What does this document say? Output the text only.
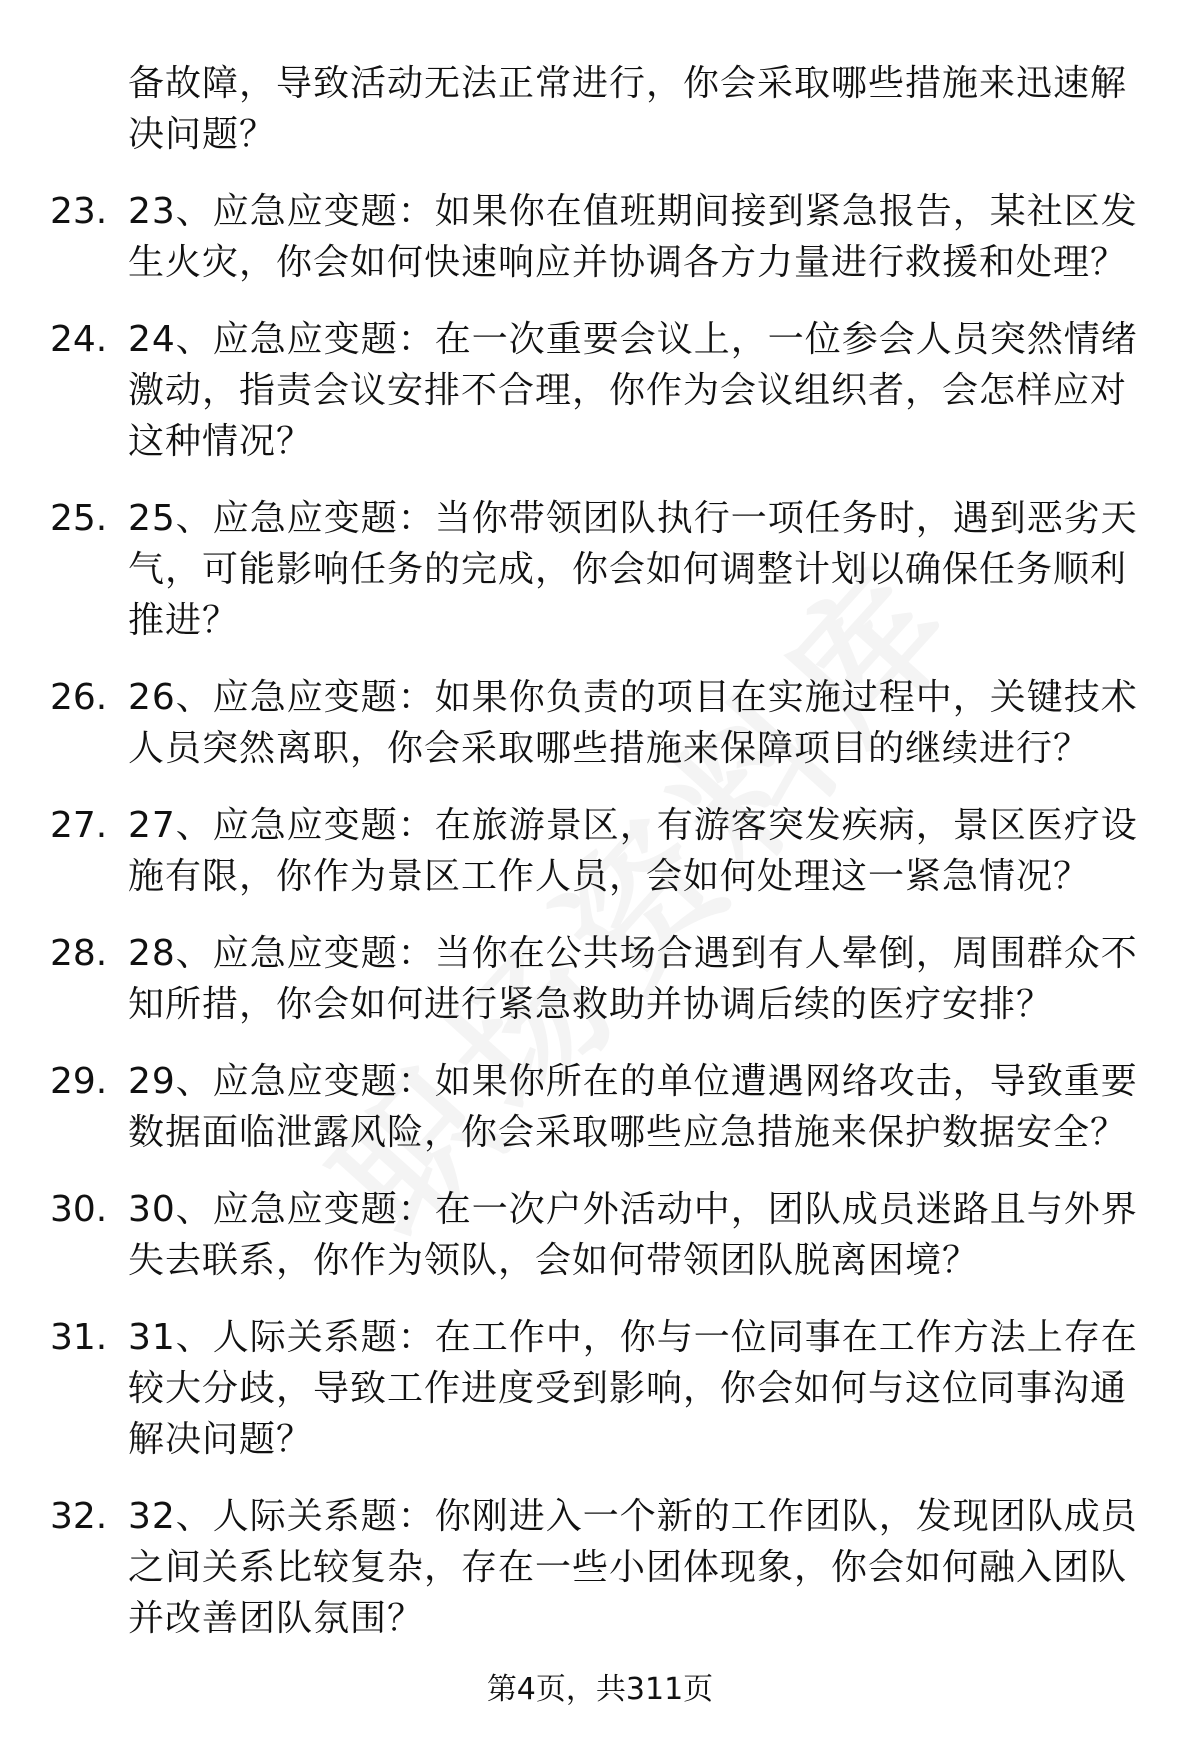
备故障，导致活动无法正常进行，你会采取哪些措施来迅速解决问题？
23. 23、应急应变题：如果你在值班期间接到紧急报告，某社区发生火灾，你会如何快速响应并协调各方力量进行救援和处理？
24. 24、应急应变题：在一次重要会议上，一位参会人员突然情绪激动，指责会议安排不合理，你作为会议组织者，会怎样应对这种情况？
25. 25、应急应变题：当你带领团队执行一项任务时，遇到恶劣天气，可能影响任务的完成，你会如何调整计划以确保任务顺利推进？
26. 26、应急应变题：如果你负责的项目在实施过程中，关键技术人员突然离职，你会采取哪些措施来保障项目的继续进行？
27. 27、应急应变题：在旅游景区，有游客突发疾病，景区医疗设施有限，你作为景区工作人员，会如何处理这一紧急情况？
28. 28、应急应变题：当你在公共场合遇到有人晕倒，周围群众不知所措，你会如何进行紧急救助并协调后续的医疗安排？
29. 29、应急应变题：如果你所在的单位遭遇网络攻击，导致重要数据面临泄露风险，你会采取哪些应急措施来保护数据安全？
30. 30、应急应变题：在一次户外活动中，团队成员迷路且与外界失去联系，你作为领队，会如何带领团队脱离困境？
31. 31、人际关系题：在工作中，你与一位同事在工作方法上存在较大分歧，导致工作进度受到影响，你会如何与这位同事沟通解决问题？
32. 32、人际关系题：你刚进入一个新的工作团队，发现团队成员之间关系比较复杂，存在一些小团体现象，你会如何融入团队并改善团队氛围？
第4页，共311页
